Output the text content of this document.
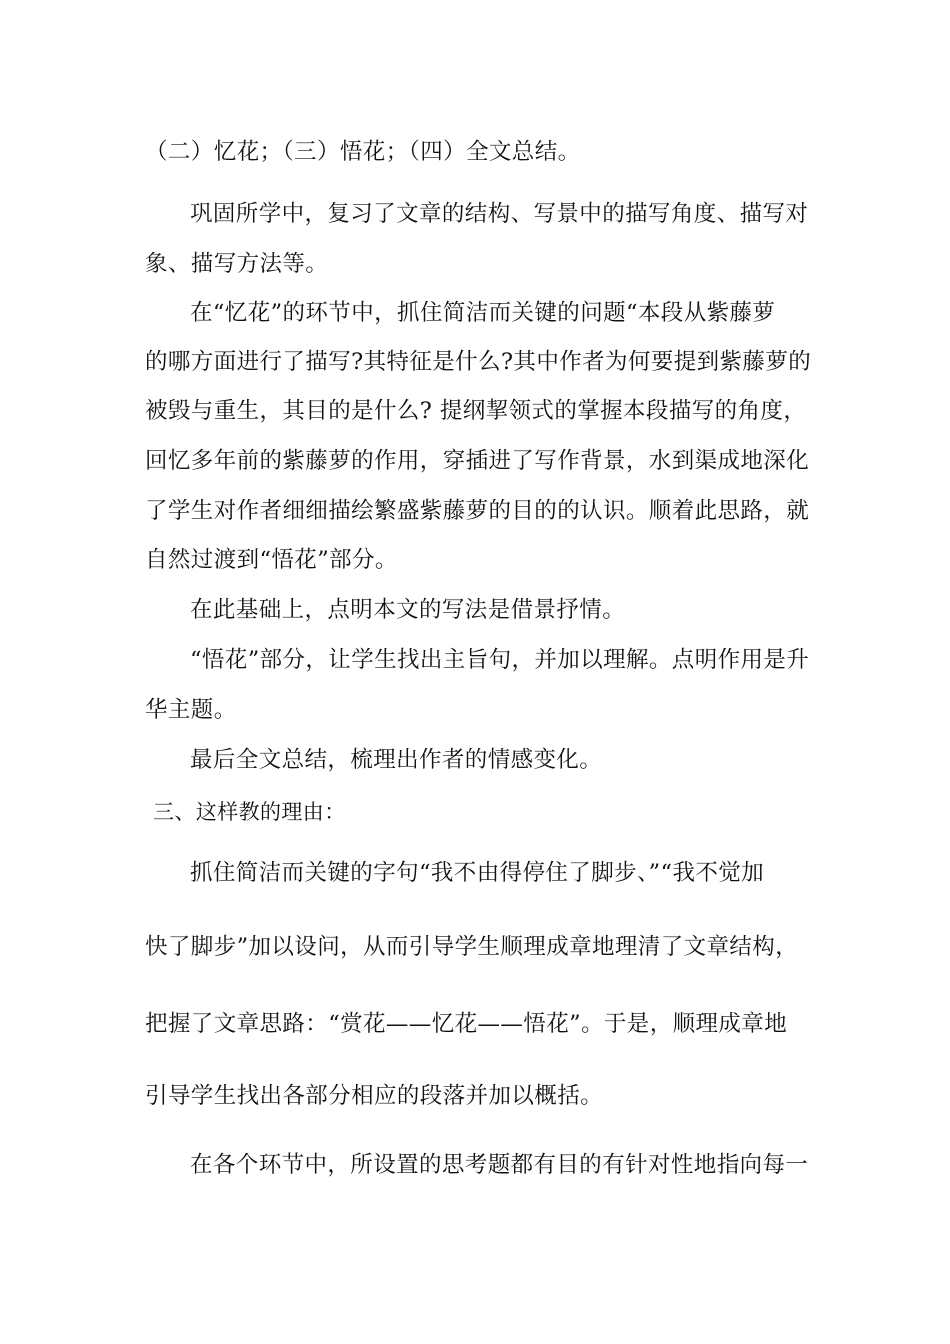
（二）忆花；（三）悟花；（四）全文总结。
巩固所学中，复习了文章的结构、写景中的描写角度、描写对
象、描写方法等。
在“忆花”的环节中，抓住简洁而关键的问题“本段从紫藤萝
的哪方面进行了描写?其特征是什么?其中作者为何要提到紫藤萝的
被毁与重生，其目的是什么? 提纲挈领式的掌握本段描写的角度，
回忆多年前的紫藤萝的作用，穿插进了写作背景，水到渠成地深化
了学生对作者细细描绘繁盛紫藤萝的目的的认识。顺着此思路，就
自然过渡到“悟花”部分。
在此基础上，点明本文的写法是借景抒情。
“悟花”部分，让学生找出主旨句，并加以理解。点明作用是升
华主题。
最后全文总结，梳理出作者的情感变化。
三、这样教的理由：
抓住简洁而关键的字句“我不由得停住了脚步、”“我不觉加
快了脚步”加以设问，从而引导学生顺理成章地理清了文章结构，
把握了文章思路：“赏花——忆花——悟花”。于是，顺理成章地
引导学生找出各部分相应的段落并加以概括。
在各个环节中，所设置的思考题都有目的有针对性地指向每一
